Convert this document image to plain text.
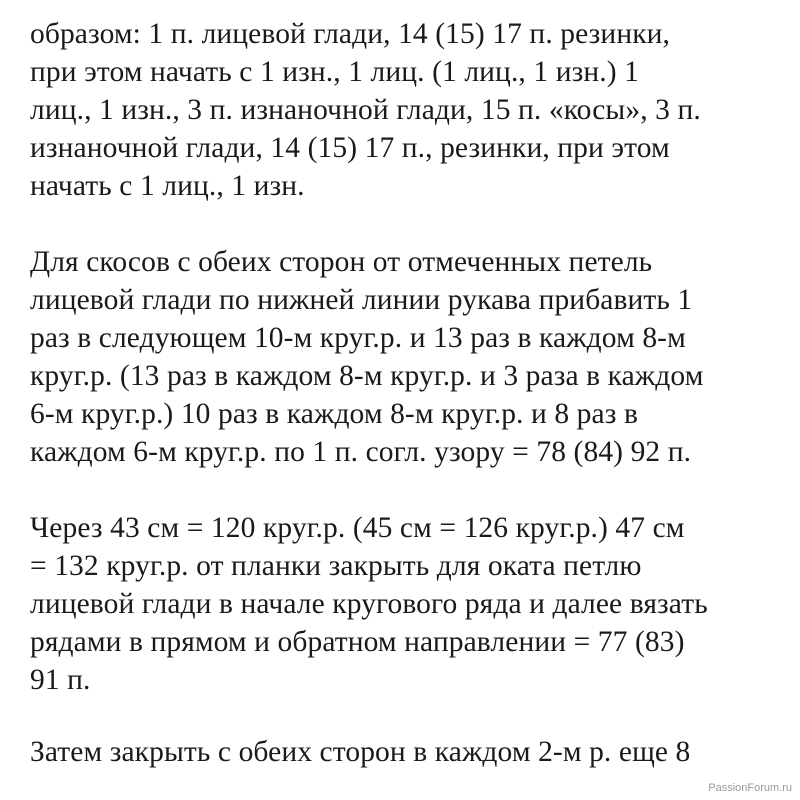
образом: 1 п. лицевой глади, 14 (15) 17 п. резинки,
при этом начать с 1 изн., 1 лиц. (1 лиц., 1 изн.) 1
лиц., 1 изн., 3 п. изнаночной глади, 15 п. «косы», 3 п.
изнаночной глади, 14 (15) 17 п., резинки, при этом
начать с 1 лиц., 1 изн.
Для скосов с обеих сторон от отмеченных петель
лицевой глади по нижней линии рукава прибавить 1
раз в следующем 10-м круг.р. и 13 раз в каждом 8-м
круг.р. (13 раз в каждом 8-м круг.р. и 3 раза в каждом
6-м круг.р.) 10 раз в каждом 8-м круг.р. и 8 раз в
каждом 6-м круг.р. по 1 п. согл. узору = 78 (84) 92 п.
Через 43 см = 120 круг.р. (45 см = 126 круг.р.) 47 см
= 132 круг.р. от планки закрыть для оката петлю
лицевой глади в начале кругового ряда и далее вязать
рядами в прямом и обратном направлении = 77 (83)
91 п.
Затем закрыть с обеих сторон в каждом 2-м р. еще 8
PassionForum.ru
